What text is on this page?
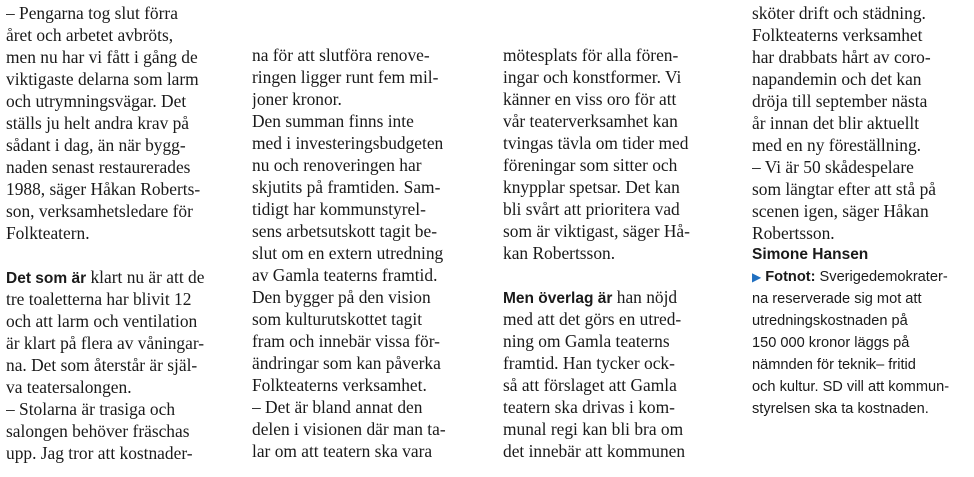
– Pengarna tog slut förra
året och arbetet avbröts,
men nu har vi fått i gång de
viktigaste delarna som larm
och utrymningsvägar. Det
ställs ju helt andra krav på
sådant i dag, än när bygg-
naden senast restaurerades
1988, säger Håkan Roberts-
son, verksamhetsledare för
Folkteatern.
Det som är klart nu är att de
tre toaletterna har blivit 12
och att larm och ventilation
är klart på flera av våningar-
na. Det som återstår är själ-
va teatersalongen.
– Stolarna är trasiga och
salongen behöver fräschas
upp. Jag tror att kostnader-
na för att slutföra renove-
ringen ligger runt fem mil-
joner kronor.
Den summan finns inte
med i investeringsbudgeten
nu och renoveringen har
skjutits på framtiden. Sam-
tidigt har kommunstyrel-
sens arbetsutskott tagit be-
slut om en extern utredning
av Gamla teaterns framtid.
Den bygger på den vision
som kulturutskottet tagit
fram och innebär vissa för-
ändringar som kan påverka
Folkteaterns verksamhet.
– Det är bland annat den
delen i visionen där man ta-
lar om att teatern ska vara
mötesplats för alla fören-
ingar och konstformer. Vi
känner en viss oro för att
vår teaterverksamhet kan
tvingas tävla om tider med
föreningar som sitter och
knypplar spetsar. Det kan
bli svårt att prioritera vad
som är viktigast, säger Hå-
kan Robertsson.
Men överlag är han nöjd
med att det görs en utred-
ning om Gamla teaterns
framtid. Han tycker ock-
så att förslaget att Gamla
teatern ska drivas i kom-
munal regi kan bli bra om
det innebär att kommunen
sköter drift och städning.
Folkteaterns verksamhet
har drabbats hårt av coro-
napandemin och det kan
dröja till september nästa
år innan det blir aktuellt
med en ny föreställning.
– Vi är 50 skådespelare
som längtar efter att stå på
scenen igen, säger Håkan
Robertsson.
Simone Hansen
▶ Fotnot: Sverigedemokrater-
na reserverade sig mot att
utredningskostnaden på
150 000 kronor läggs på
nämnden för teknik– fritid
och kultur. SD vill att kommun-
styrelsen ska ta kostnaden.
